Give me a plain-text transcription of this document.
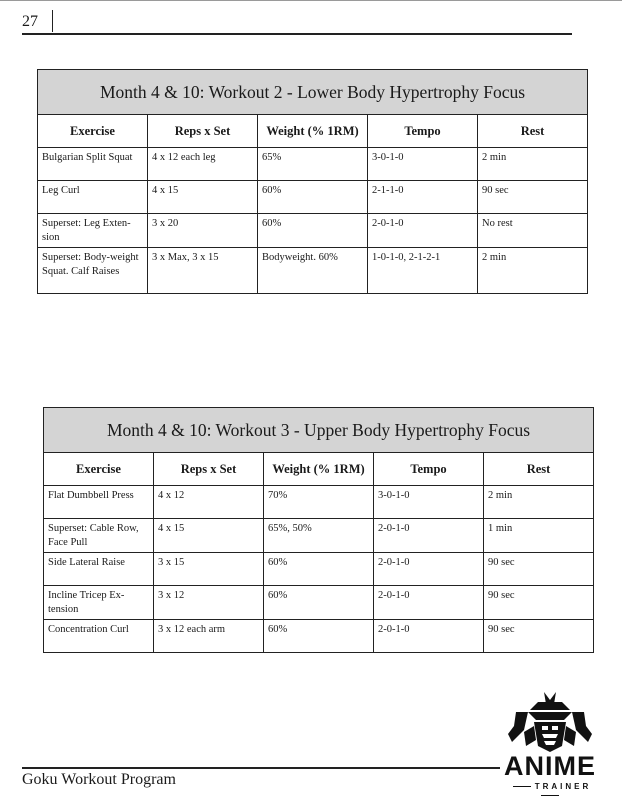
27
Month 4 & 10: Workout 2 - Lower Body Hypertrophy Focus				
Exercise	Reps x Set	Weight (% 1RM)	Tempo	Rest
Bulgarian Split Squat	4 x 12 each leg	65%	3-0-1-0	2 min
Leg Curl	4 x 15	60%	2-1-1-0	90 sec
Superset: Leg Exten-sion	3 x 20	60%	2-0-1-0	No rest
Superset: Body-weight Squat. Calf Raises	3 x Max, 3 x 15	Bodyweight. 60%	1-0-1-0, 2-1-2-1	2 min
Month 4 & 10: Workout 3 - Upper Body Hypertrophy Focus				
Exercise	Reps x Set	Weight (% 1RM)	Tempo	Rest
Flat Dumbbell Press	4 x 12	70%	3-0-1-0	2 min
Superset: Cable Row, Face Pull	4 x 15	65%, 50%	2-0-1-0	1 min
Side Lateral Raise	3 x 15	60%	2-0-1-0	90 sec
Incline Tricep Ex-tension	3 x 12	60%	2-0-1-0	90 sec
Concentration Curl	3 x 12 each arm	60%	2-0-1-0	90 sec
Goku Workout Program	ANIME
TRAINER
